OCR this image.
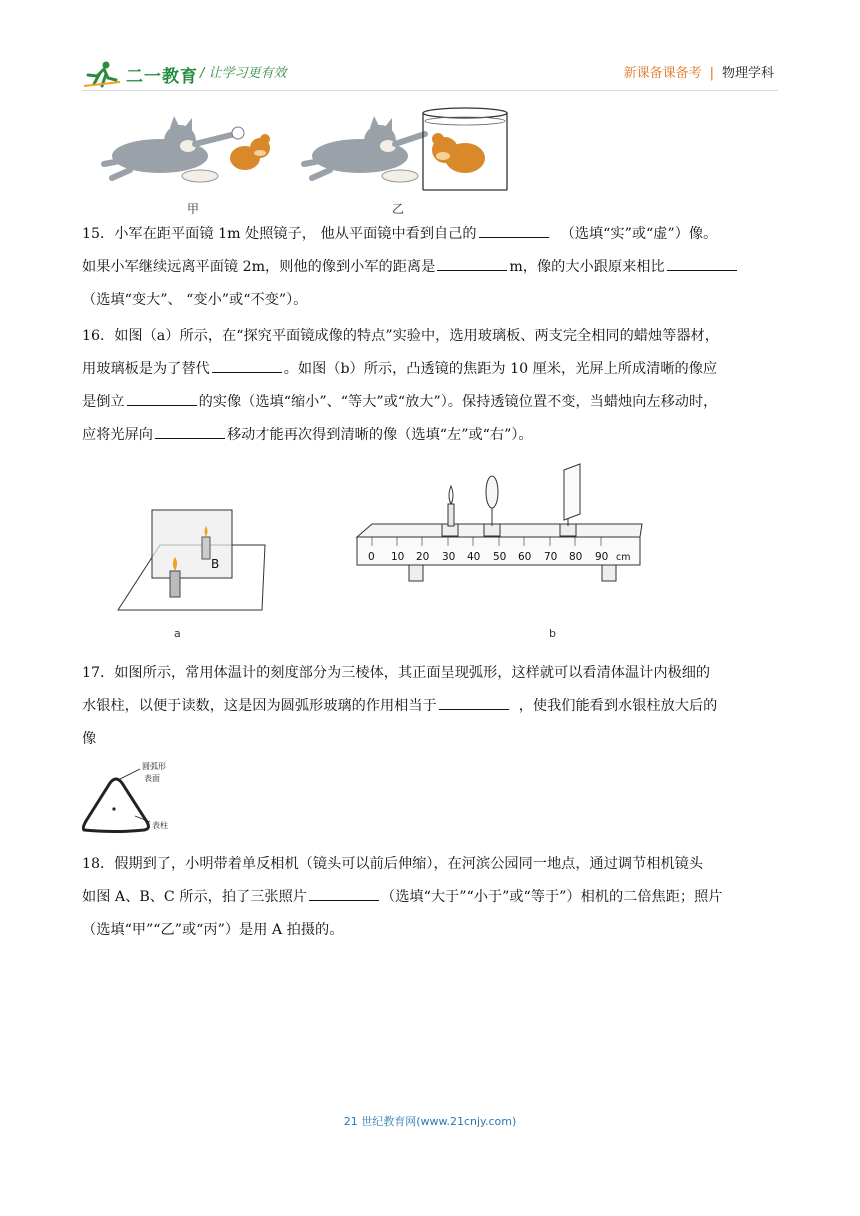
二一教育 / 让学习更有效	新课备课备考 | 物理学科
甲	乙
15．小军在距平面镜 1m 处照镜子， 他从平面镜中看到自己的	（选填“实”或“虚”）像。
如果小军继续远离平面镜 2m，则他的像到小军的距离是	m，像的大小跟原来相比
（选填“变大”、 “变小”或“不变”）。
16．如图（a）所示，在“探究平面镜成像的特点”实验中，选用玻璃板、两支完全相同的蜡烛等器材，
用玻璃板是为了替代	。如图（b）所示，凸透镜的焦距为 10 厘米，光屏上所成清晰的像应
是倒立	的实像（选填“缩小”、“等大”或“放大”）。保持透镜位置不变，当蜡烛向左移动时，
应将光屏向	移动才能再次得到清晰的像（选填“左”或“右”）。
B
a
0 10 20 30 40 50 60 70 80 90 cm
b
17．如图所示，常用体温计的刻度部分为三棱体，其正面呈现弧形，这样就可以看清体温计内极细的
水银柱，以便于读数，这是因为圆弧形玻璃的作用相当于	，使我们能看到水银柱放大后的
像
圆弧形
表面
表柱
18．假期到了，小明带着单反相机（镜头可以前后伸缩），在河滨公园同一地点，通过调节相机镜头
如图 A、B、C 所示，拍了三张照片	（选填“大于”“小于”或“等于”）相机的二倍焦距；照片
（选填“甲”“乙”或“丙”）是用 A 拍摄的。
21 世纪教育网(www.21cnjy.com)
